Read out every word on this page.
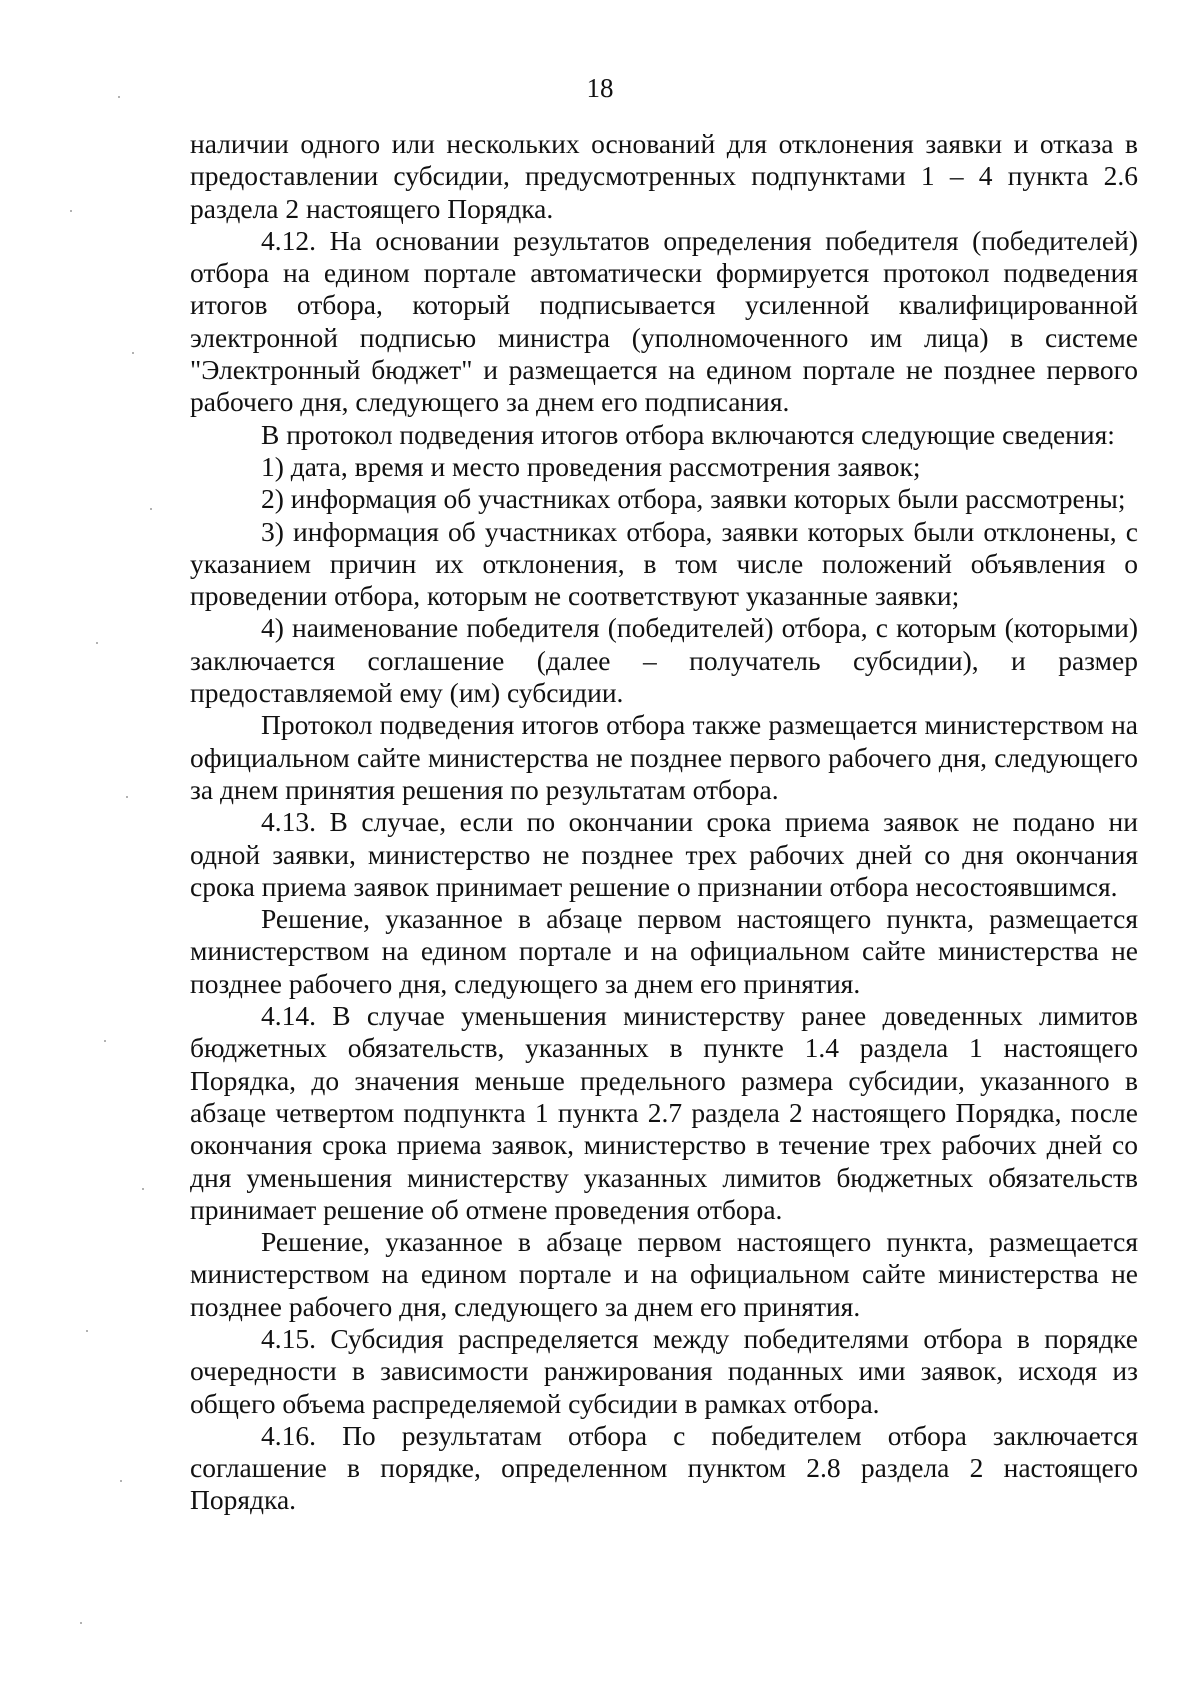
18

наличии одного или нескольких оснований для отклонения заявки и отказа в предоставлении субсидии, предусмотренных подпунктами 1 – 4 пункта 2.6 раздела 2 настоящего Порядка.

4.12. На основании результатов определения победителя (победителей) отбора на едином портале автоматически формируется протокол подведения итогов отбора, который подписывается усиленной квалифицированной электронной подписью министра (уполномоченного им лица) в системе "Электронный бюджет" и размещается на едином портале не позднее первого рабочего дня, следующего за днем его подписания.

В протокол подведения итогов отбора включаются следующие сведения:

1) дата, время и место проведения рассмотрения заявок;

2) информация об участниках отбора, заявки которых были рассмотрены;

3) информация об участниках отбора, заявки которых были отклонены, с указанием причин их отклонения, в том числе положений объявления о проведении отбора, которым не соответствуют указанные заявки;

4) наименование победителя (победителей) отбора, с которым (которыми) заключается соглашение (далее – получатель субсидии), и размер предоставляемой ему (им) субсидии.

Протокол подведения итогов отбора также размещается министерством на официальном сайте министерства не позднее первого рабочего дня, следующего за днем принятия решения по результатам отбора.

4.13. В случае, если по окончании срока приема заявок не подано ни одной заявки, министерство не позднее трех рабочих дней со дня окончания срока приема заявок принимает решение о признании отбора несостоявшимся.

Решение, указанное в абзаце первом настоящего пункта, размещается министерством на едином портале и на официальном сайте министерства не позднее рабочего дня, следующего за днем его принятия.

4.14. В случае уменьшения министерству ранее доведенных лимитов бюджетных обязательств, указанных в пункте 1.4 раздела 1 настоящего Порядка, до значения меньше предельного размера субсидии, указанного в абзаце четвертом подпункта 1 пункта 2.7 раздела 2 настоящего Порядка, после окончания срока приема заявок, министерство в течение трех рабочих дней со дня уменьшения министерству указанных лимитов бюджетных обязательств принимает решение об отмене проведения отбора.

Решение, указанное в абзаце первом настоящего пункта, размещается министерством на едином портале и на официальном сайте министерства не позднее рабочего дня, следующего за днем его принятия.

4.15. Субсидия распределяется между победителями отбора в порядке очередности в зависимости ранжирования поданных ими заявок, исходя из общего объема распределяемой субсидии в рамках отбора.

4.16. По результатам отбора с победителем отбора заключается соглашение в порядке, определенном пунктом 2.8 раздела 2 настоящего Порядка.
